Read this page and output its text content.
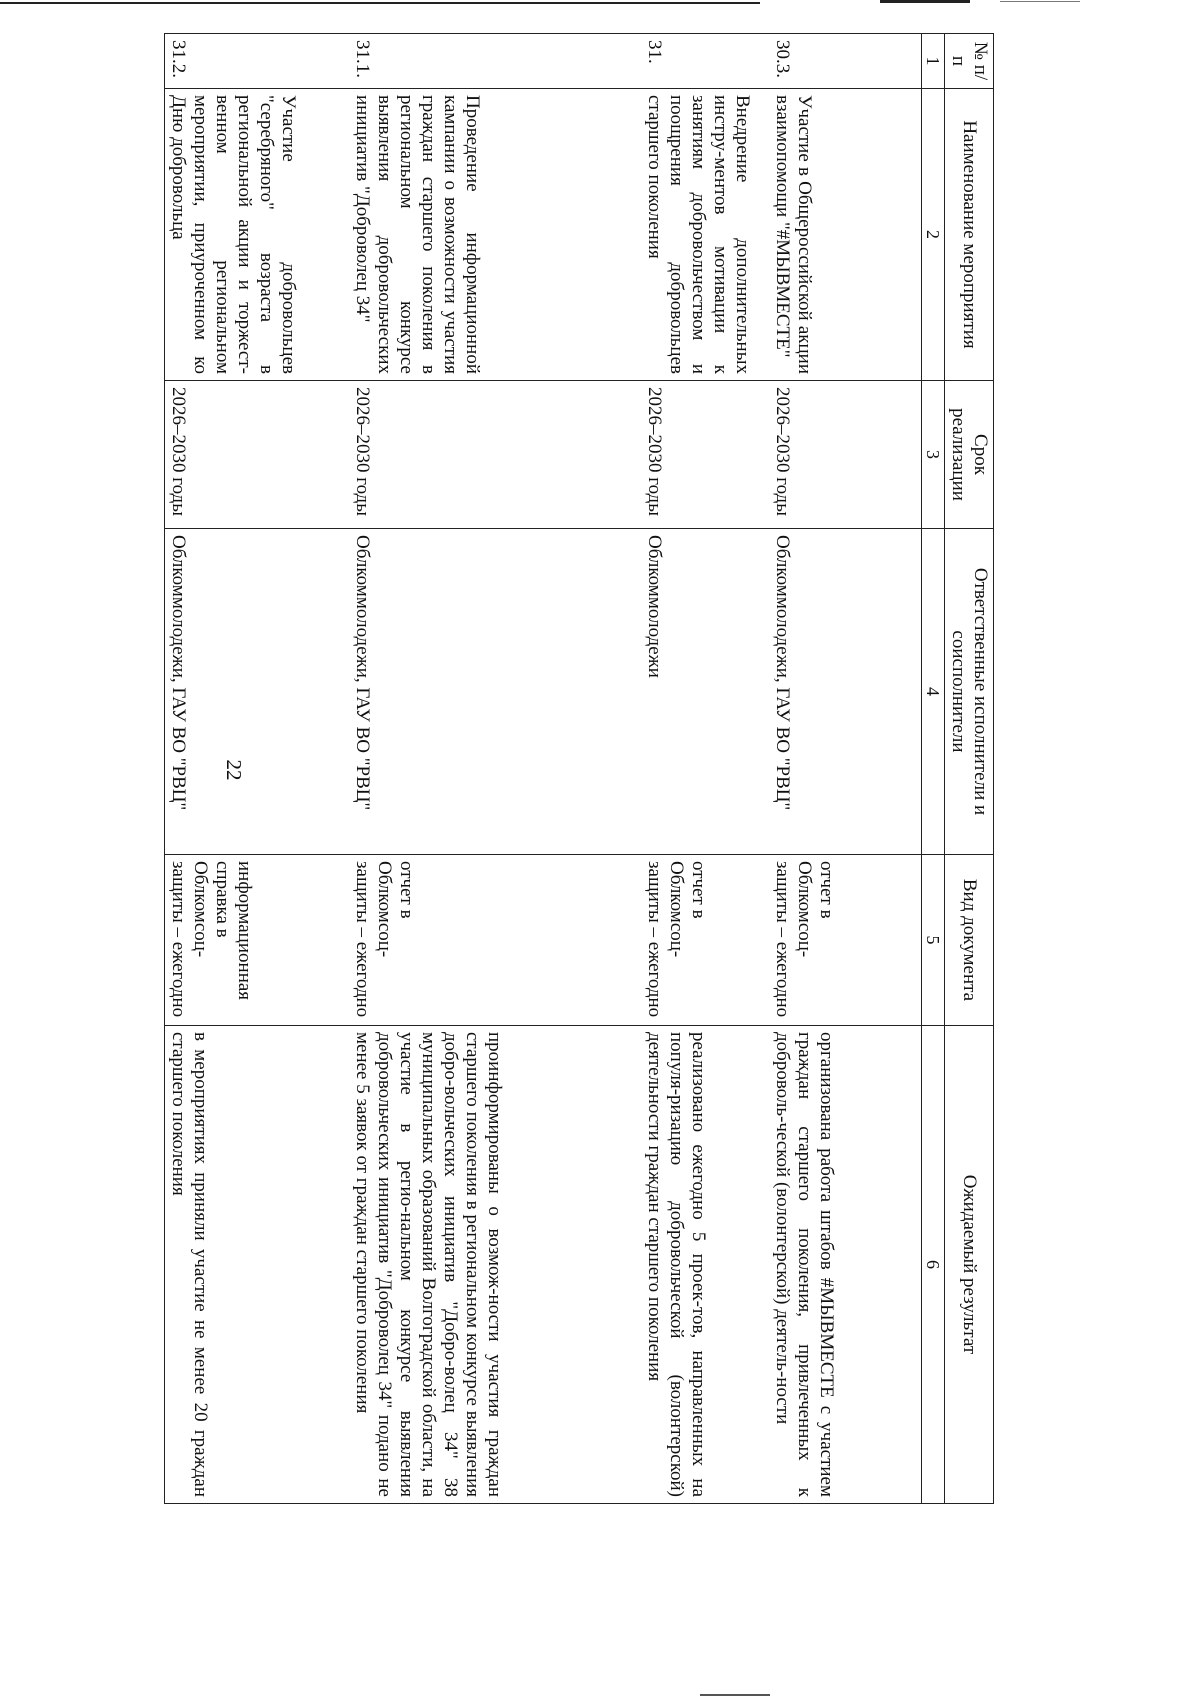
22
№ п/п	Наименование мероприятия	Срок реализации	Ответственные исполнители и соисполнители	Вид документа	Ожидаемый результат
1	2	3	4	5	6
30.3.	Участие в Общероссийской акции взаимопомощи "#МЫВМЕСТЕ"	2026–2030 годы	Облкоммолодежи, ГАУ ВО "РВЦ"	отчет в Облкомсоц-защиты – ежегодно	организована работа штабов #МЫВМЕСТЕ с участием граждан старшего поколения, привлеченных к доброволь-ческой (волонтерской) деятель-ности
31.	Внедрение дополнительных инстру-ментов мотивации к занятиям добровольчеством и поощрения добровольцев старшего поколения	2026–2030 годы	Облкоммолодежи	отчет в Облкомсоц-защиты – ежегодно	реализовано ежегодно 5 проек-тов, направленных на популя-ризацию добровольческой (волонтерской) деятельности граждан старшего поколения
31.1.	Проведение информационной кампании о возможности участия граждан старшего поколения в региональном конкурсе выявления добровольческих инициатив "Доброволец 34"	2026–2030 годы	Облкоммолодежи, ГАУ ВО "РВЦ"	отчет в Облкомсоц-защиты – ежегодно	проинформированы о возмож-ности участия граждан старшего поколения в региональном конкурсе выявления добро-вольческих инициатив "Добро-волец 34" 38 муниципальных образований Волгоградской области, на участие в регио-нальном конкурсе выявления добровольческих инициатив "Доброволец 34" подано не менее 5 заявок от граждан старшего поколения
31.2.	Участие добровольцев "серебряного" возраста в региональной акции и торжест-венном региональном мероприятии, приуроченном ко Дню добровольца	2026–2030 годы	Облкоммолодежи, ГАУ ВО "РВЦ"	информационная справка в Облкомсоц-защиты – ежегодно	в мероприятиях приняли участие не менее 20 граждан старшего поколения
